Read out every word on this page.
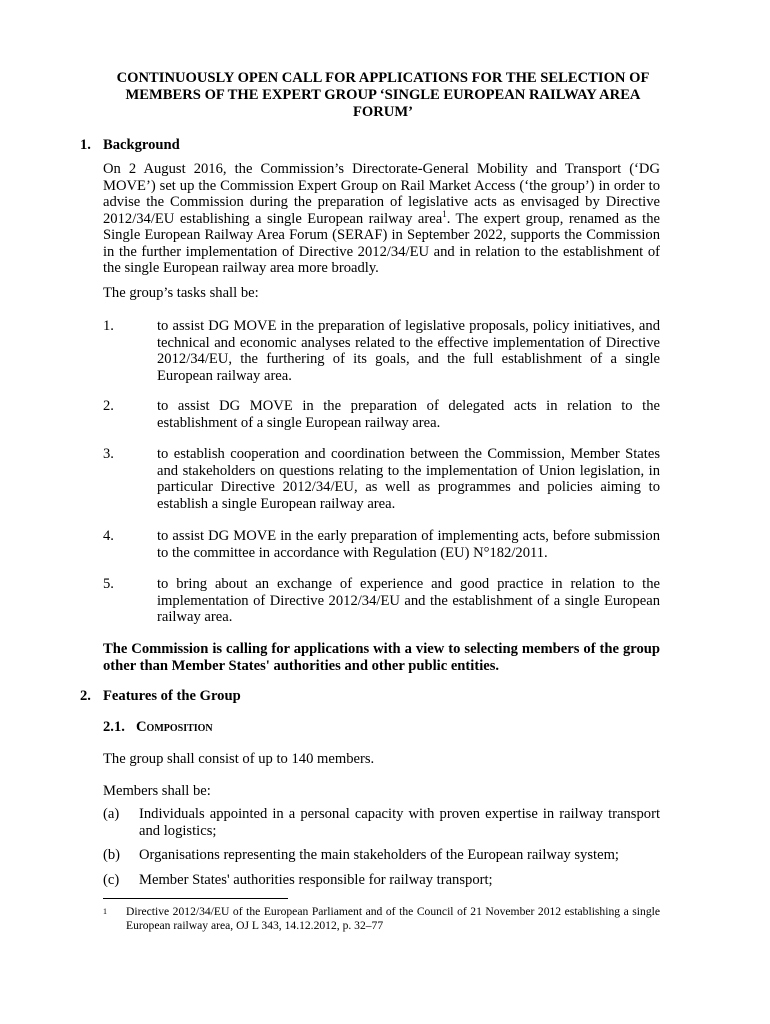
CONTINUOUSLY OPEN CALL FOR APPLICATIONS FOR THE SELECTION OF MEMBERS OF THE EXPERT GROUP ‘SINGLE EUROPEAN RAILWAY AREA FORUM’
1. Background
On 2 August 2016, the Commission’s Directorate-General Mobility and Transport (‘DG MOVE’) set up the Commission Expert Group on Rail Market Access (‘the group’) in order to advise the Commission during the preparation of legislative acts as envisaged by Directive 2012/34/EU establishing a single European railway area$^1$. The expert group, renamed as the Single European Railway Area Forum (SERAF) in September 2022, supports the Commission in the further implementation of Directive 2012/34/EU and in relation to the establishment of the single European railway area more broadly.
The group’s tasks shall be:
1.	to assist DG MOVE in the preparation of legislative proposals, policy initiatives, and technical and economic analyses related to the effective implementation of Directive 2012/34/EU, the furthering of its goals, and the full establishment of a single European railway area.
2.	to assist DG MOVE in the preparation of delegated acts in relation to the establishment of a single European railway area.
3.	to establish cooperation and coordination between the Commission, Member States and stakeholders on questions relating to the implementation of Union legislation, in particular Directive 2012/34/EU, as well as programmes and policies aiming to establish a single European railway area.
4.	to assist DG MOVE in the early preparation of implementing acts, before submission to the committee in accordance with Regulation (EU) N°182/2011.
5.	to bring about an exchange of experience and good practice in relation to the implementation of Directive 2012/34/EU and the establishment of a single European railway area.
The Commission is calling for applications with a view to selecting members of the group other than Member States' authorities and other public entities.
2. Features of the Group
2.1. Composition
The group shall consist of up to 140 members.
Members shall be:
(a) Individuals appointed in a personal capacity with proven expertise in railway transport and logistics;
(b) Organisations representing the main stakeholders of the European railway system;
(c) Member States' authorities responsible for railway transport;
1 Directive 2012/34/EU of the European Parliament and of the Council of 21 November 2012 establishing a single European railway area, OJ L 343, 14.12.2012, p. 32–77
